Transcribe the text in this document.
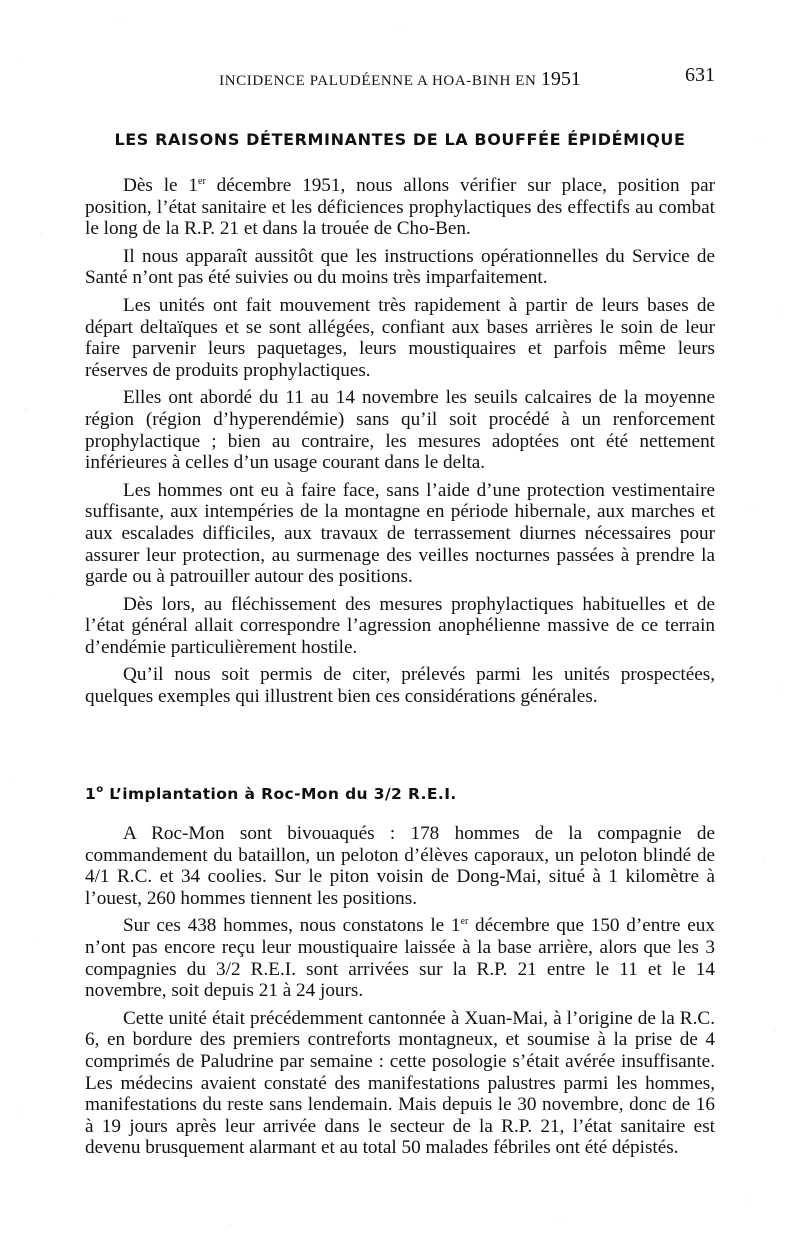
INCIDENCE PALUDÉENNE A HOA-BINH EN 1951	631
LES RAISONS DÉTERMINANTES DE LA BOUFFÉE ÉPIDÉMIQUE

Dès le 1er décembre 1951, nous allons vérifier sur place, position par position, l’état sanitaire et les déficiences prophylactiques des effectifs au combat le long de la R.P. 21 et dans la trouée de Cho-Ben.

Il nous apparaît aussitôt que les instructions opérationnelles du Service de Santé n’ont pas été suivies ou du moins très imparfaitement.

Les unités ont fait mouvement très rapidement à partir de leurs bases de départ deltaïques et se sont allégées, confiant aux bases arrières le soin de leur faire parvenir leurs paquetages, leurs moustiquaires et parfois même leurs réserves de produits prophylactiques.

Elles ont abordé du 11 au 14 novembre les seuils calcaires de la moyenne région (région d’hyperendémie) sans qu’il soit procédé à un renforcement prophylactique ; bien au contraire, les mesures adoptées ont été nettement inférieures à celles d’un usage courant dans le delta.

Les hommes ont eu à faire face, sans l’aide d’une protection vestimentaire suffisante, aux intempéries de la montagne en période hibernale, aux marches et aux escalades difficiles, aux travaux de terrassement diurnes nécessaires pour assurer leur protection, au surmenage des veilles nocturnes passées à prendre la garde ou à patrouiller autour des positions.

Dès lors, au fléchissement des mesures prophylactiques habituelles et de l’état général allait correspondre l’agression anophélienne massive de ce terrain d’endémie particulièrement hostile.

Qu’il nous soit permis de citer, prélevés parmi les unités prospectées, quelques exemples qui illustrent bien ces considérations générales.

1$^o$ L’implantation à Roc-Mon du 3/2 R.E.I.

A Roc-Mon sont bivouaqués : 178 hommes de la compagnie de commandement du bataillon, un peloton d’élèves caporaux, un peloton blindé de 4/1 R.C. et 34 coolies. Sur le piton voisin de Dong-Mai, situé à 1 kilomètre à l’ouest, 260 hommes tiennent les positions.

Sur ces 438 hommes, nous constatons le 1er décembre que 150 d’entre eux n’ont pas encore reçu leur moustiquaire laissée à la base arrière, alors que les 3 compagnies du 3/2 R.E.I. sont arrivées sur la R.P. 21 entre le 11 et le 14 novembre, soit depuis 21 à 24 jours.

Cette unité était précédemment cantonnée à Xuan-Mai, à l’origine de la R.C. 6, en bordure des premiers contreforts montagneux, et soumise à la prise de 4 comprimés de Paludrine par semaine : cette posologie s’était avérée insuffisante. Les médecins avaient constaté des manifestations palustres parmi les hommes, manifestations du reste sans lendemain. Mais depuis le 30 novembre, donc de 16 à 19 jours après leur arrivée dans le secteur de la R.P. 21, l’état sanitaire est devenu brusquement alarmant et au total 50 malades fébriles ont été dépistés.
